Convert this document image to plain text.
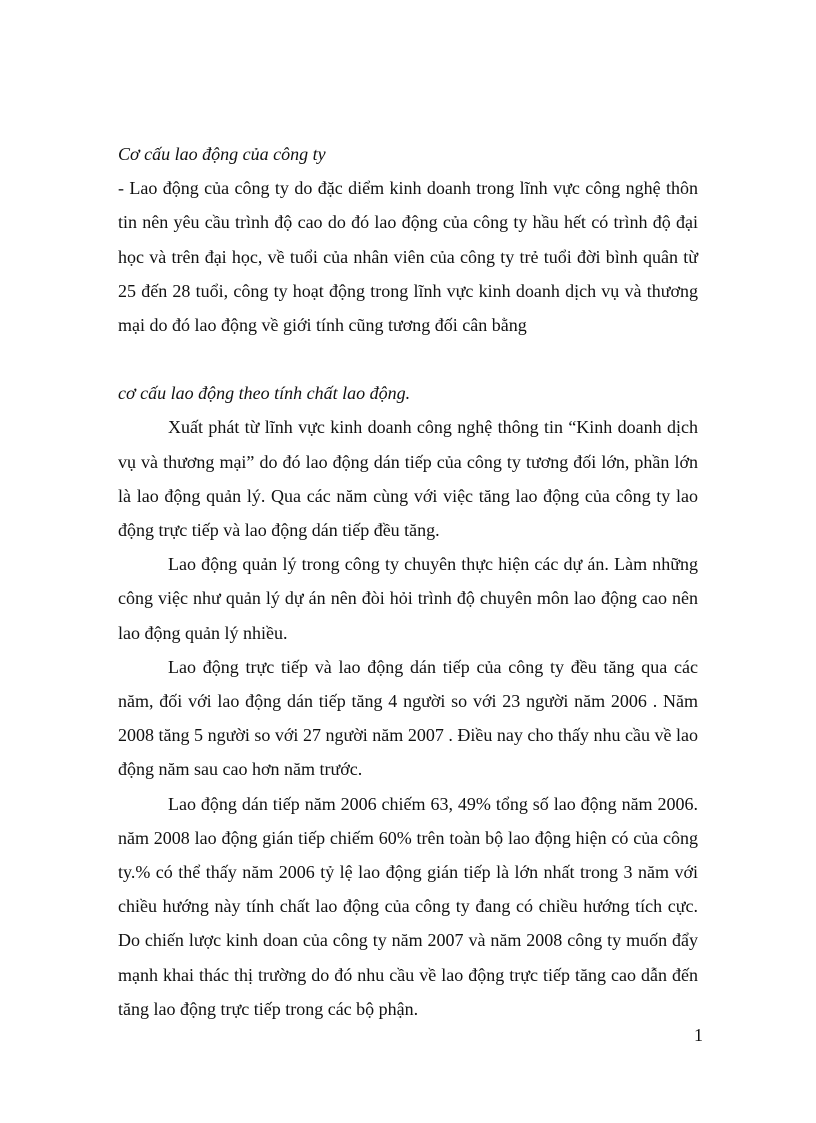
Cơ cấu lao động của công ty

- Lao động của công ty do đặc diểm kinh doanh trong lĩnh vực công nghệ thôn tin nên yêu cầu trình độ cao do đó lao động của công ty hầu hết có trình độ đại học và trên đại học, về tuổi của nhân viên của công ty trẻ tuổi đời bình quân từ 25 đến 28 tuổi, công ty hoạt động trong lĩnh vực kinh doanh dịch vụ và thương mại do đó lao động về giới tính cũng tương đối cân bằng

cơ cấu lao động theo tính chất lao động.

Xuất phát từ lĩnh vực kinh doanh công nghệ thông tin “Kinh doanh dịch vụ và thương mại” do đó lao động dán tiếp của công ty tương đối lớn, phần lớn là lao động quản lý. Qua các năm cùng với việc tăng lao động của công ty lao động trực tiếp và lao động dán tiếp đều tăng.

Lao động quản lý trong công ty chuyên thực hiện các dự án. Làm những công việc như quản lý dự án nên đòi hỏi trình độ chuyên môn lao động cao nên lao động quản lý nhiều.

Lao động trực tiếp và lao động dán tiếp của công ty đều tăng qua các năm, đối với lao động dán tiếp tăng 4 người so với 23 người năm 2006 . Năm 2008 tăng 5 người so với 27 người năm 2007 . Điều nay cho thấy nhu cầu về lao động năm sau cao hơn năm trước.

Lao động dán tiếp năm 2006 chiếm 63, 49% tổng số lao động năm 2006. năm 2008 lao động gián tiếp chiếm 60% trên toàn bộ lao động hiện có của công ty.% có thể thấy năm 2006 tỷ lệ lao động gián tiếp là lớn nhất trong 3 năm với chiều hướng này tính chất lao động của công ty đang có chiều hướng tích cực. Do chiến lược kinh doan của công ty năm 2007 và năm 2008 công ty muốn đẩy mạnh khai thác thị trường do đó nhu cầu về lao động trực tiếp tăng cao dẫn đến tăng lao động trực tiếp trong các bộ phận.

1
